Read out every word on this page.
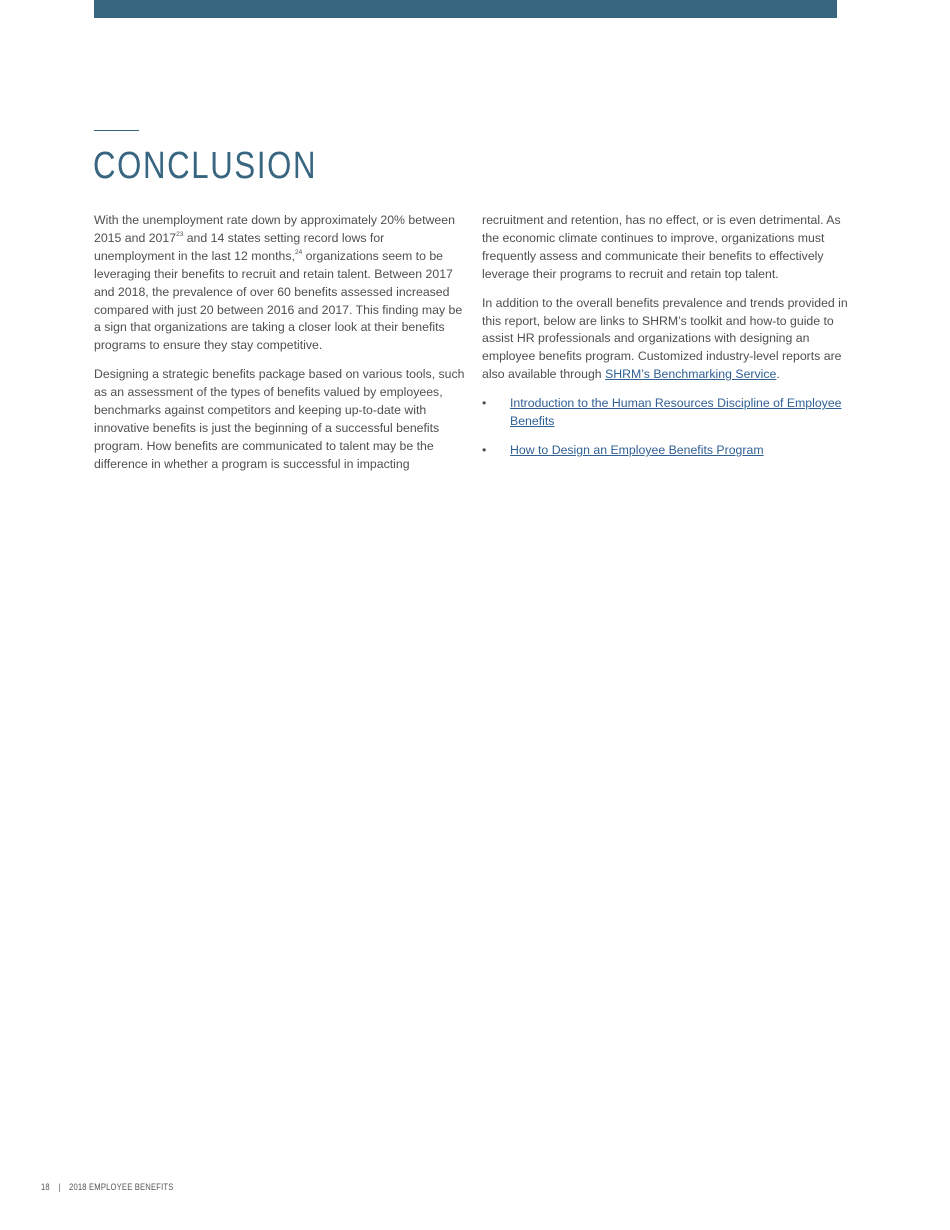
CONCLUSION

With the unemployment rate down by approximately 20% between 2015 and 2017$^{23}$ and 14 states setting record lows for unemployment in the last 12 months,$^{24}$ organizations seem to be leveraging their benefits to recruit and retain talent. Between 2017 and 2018, the prevalence of over 60 benefits assessed increased compared with just 20 between 2016 and 2017. This finding may be a sign that organizations are taking a closer look at their benefits programs to ensure they stay competitive.

Designing a strategic benefits package based on various tools, such as an assessment of the types of benefits valued by employees, benchmarks against competitors and keeping up-to-date with innovative benefits is just the beginning of a successful benefits program. How benefits are communicated to talent may be the difference in whether a program is successful in impacting

recruitment and retention, has no effect, or is even detrimental. As the economic climate continues to improve, organizations must frequently assess and communicate their benefits to effectively leverage their programs to recruit and retain top talent.

In addition to the overall benefits prevalence and trends provided in this report, below are links to SHRM’s toolkit and how-to guide to assist HR professionals and organizations with designing an employee benefits program. Customized industry-level reports are also available through SHRM’s Benchmarking Service.

• Introduction to the Human Resources Discipline of Employee Benefits
• How to Design an Employee Benefits Program
18 | 2018 EMPLOYEE BENEFITS
